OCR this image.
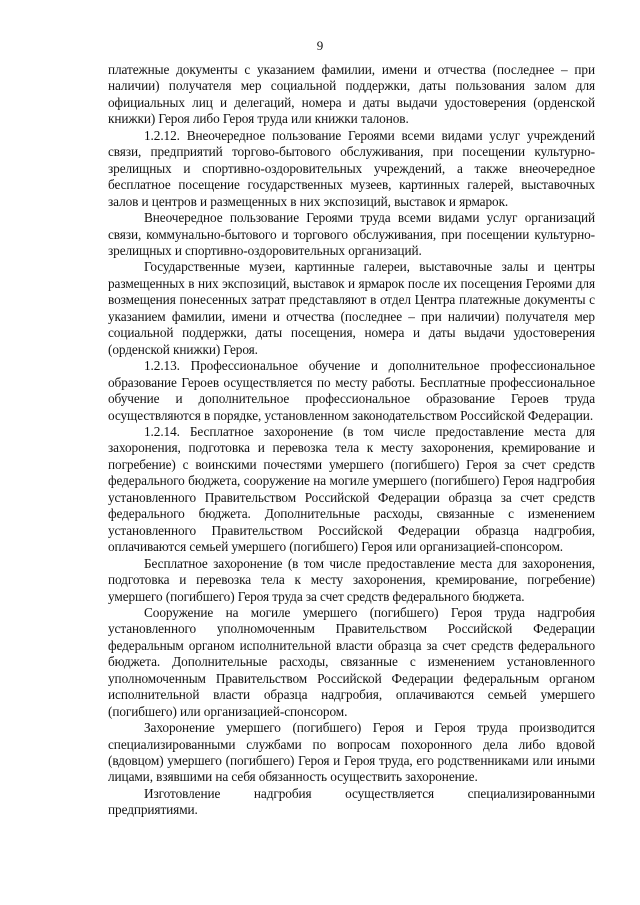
9

платежные документы с указанием фамилии, имени и отчества (последнее – при наличии) получателя мер социальной поддержки, даты пользования залом для официальных лиц и делегаций, номера и даты выдачи удостоверения (орденской книжки) Героя либо Героя труда или книжки талонов.

1.2.12. Внеочередное пользование Героями всеми видами услуг учреждений связи, предприятий торгово-бытового обслуживания, при посещении культурно-зрелищных и спортивно-оздоровительных учреждений, а также внеочередное бесплатное посещение государственных музеев, картинных галерей, выставочных залов и центров и размещенных в них экспозиций, выставок и ярмарок.

Внеочередное пользование Героями труда всеми видами услуг организаций связи, коммунально-бытового и торгового обслуживания, при посещении культурно-зрелищных и спортивно-оздоровительных организаций.

Государственные музеи, картинные галереи, выставочные залы и центры размещенных в них экспозиций, выставок и ярмарок после их посещения Героями для возмещения понесенных затрат представляют в отдел Центра платежные документы с указанием фамилии, имени и отчества (последнее – при наличии) получателя мер социальной поддержки, даты посещения, номера и даты выдачи удостоверения (орденской книжки) Героя.

1.2.13. Профессиональное обучение и дополнительное профессиональное образование Героев осуществляется по месту работы. Бесплатные профессиональное обучение и дополнительное профессиональное образование Героев труда осуществляются в порядке, установленном законодательством Российской Федерации.

1.2.14. Бесплатное захоронение (в том числе предоставление места для захоронения, подготовка и перевозка тела к месту захоронения, кремирование и погребение) с воинскими почестями умершего (погибшего) Героя за счет средств федерального бюджета, сооружение на могиле умершего (погибшего) Героя надгробия установленного Правительством Российской Федерации образца за счет средств федерального бюджета. Дополнительные расходы, связанные с изменением установленного Правительством Российской Федерации образца надгробия, оплачиваются семьей умершего (погибшего) Героя или организацией-спонсором.

Бесплатное захоронение (в том числе предоставление места для захоронения, подготовка и перевозка тела к месту захоронения, кремирование, погребение) умершего (погибшего) Героя труда за счет средств федерального бюджета.

Сооружение на могиле умершего (погибшего) Героя труда надгробия установленного уполномоченным Правительством Российской Федерации федеральным органом исполнительной власти образца за счет средств федерального бюджета. Дополнительные расходы, связанные с изменением установленного уполномоченным Правительством Российской Федерации федеральным органом исполнительной власти образца надгробия, оплачиваются семьей умершего (погибшего) или организацией-спонсором.

Захоронение умершего (погибшего) Героя и Героя труда производится специализированными службами по вопросам похоронного дела либо вдовой (вдовцом) умершего (погибшего) Героя и Героя труда, его родственниками или иными лицами, взявшими на себя обязанность осуществить захоронение.

Изготовление надгробия осуществляется специализированными предприятиями.
